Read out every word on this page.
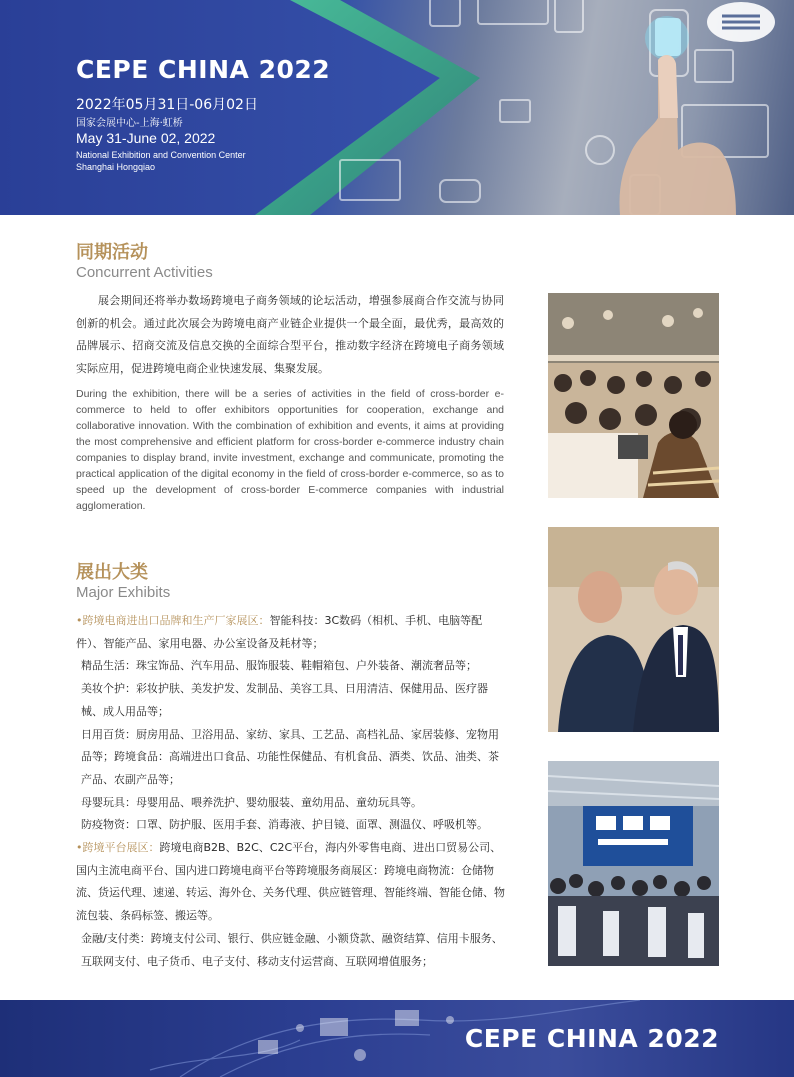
CEPE CHINA 2022
2022年05月31日-06月02日
国家会展中心-上海·虹桥
May 31-June 02, 2022
National Exhibition and Convention Center
Shanghai Hongqiao
同期活动
Concurrent Activities

展会期间还将举办数场跨境电子商务领域的论坛活动，增强参展商合作交流与协同创新的机会。通过此次展会为跨境电商产业链企业提供一个最全面，最优秀，最高效的品牌展示、招商交流及信息交换的全面综合型平台，推动数字经济在跨境电子商务领域实际应用，促进跨境电商企业快速发展、集聚发展。

During the exhibition, there will be a series of activities in the field of cross-border e-commerce to held to offer exhibitors opportunities for cooperation, exchange and collaborative innovation. With the combination of exhibition and events, it aims at providing the most comprehensive and efficient platform for cross-border e-commerce industry chain companies to display brand, invite investment, exchange and communicate, promoting the practical application of the digital economy in the field of cross-border e-commerce, so as to speed up the development of cross-border E-commerce companies with industrial agglomeration.

展出大类
Major Exhibits
•跨境电商进出口品牌和生产厂家展区：智能科技：3C数码（相机、手机、电脑等配件）、智能产品、家用电器、办公室设备及耗材等；
精品生活：珠宝饰品、汽车用品、服饰服装、鞋帽箱包、户外装备、潮流奢品等；
美妆个护：彩妆护肤、美发护发、发制品、美容工具、日用清洁、保健用品、医疗器械、成人用品等；
日用百货：厨房用品、卫浴用品、家纺、家具、工艺品、高档礼品、家居装修、宠物用品等；跨境食品：高端进出口食品、功能性保健品、有机食品、酒类、饮品、油类、茶产品、农副产品等；
母婴玩具：母婴用品、喂养洗护、婴幼服装、童幼用品、童幼玩具等。
防疫物资：口罩、防护服、医用手套、消毒液、护目镜、面罩、测温仪、呼吸机等。
•跨境平台展区：跨境电商B2B、B2C、C2C平台，海内外零售电商、进出口贸易公司、国内主流电商平台、国内进口跨境电商平台等跨境服务商展区：跨境电商物流：仓储物流、货运代理、速递、转运、海外仓、关务代理、供应链管理、智能终端、智能仓储、物流包装、条码标签、搬运等。
金融/支付类：跨境支付公司、银行、供应链金融、小额贷款、融资结算、信用卡服务、互联网支付、电子货币、电子支付、移动支付运营商、互联网增值服务；
CEPE CHINA 2022
